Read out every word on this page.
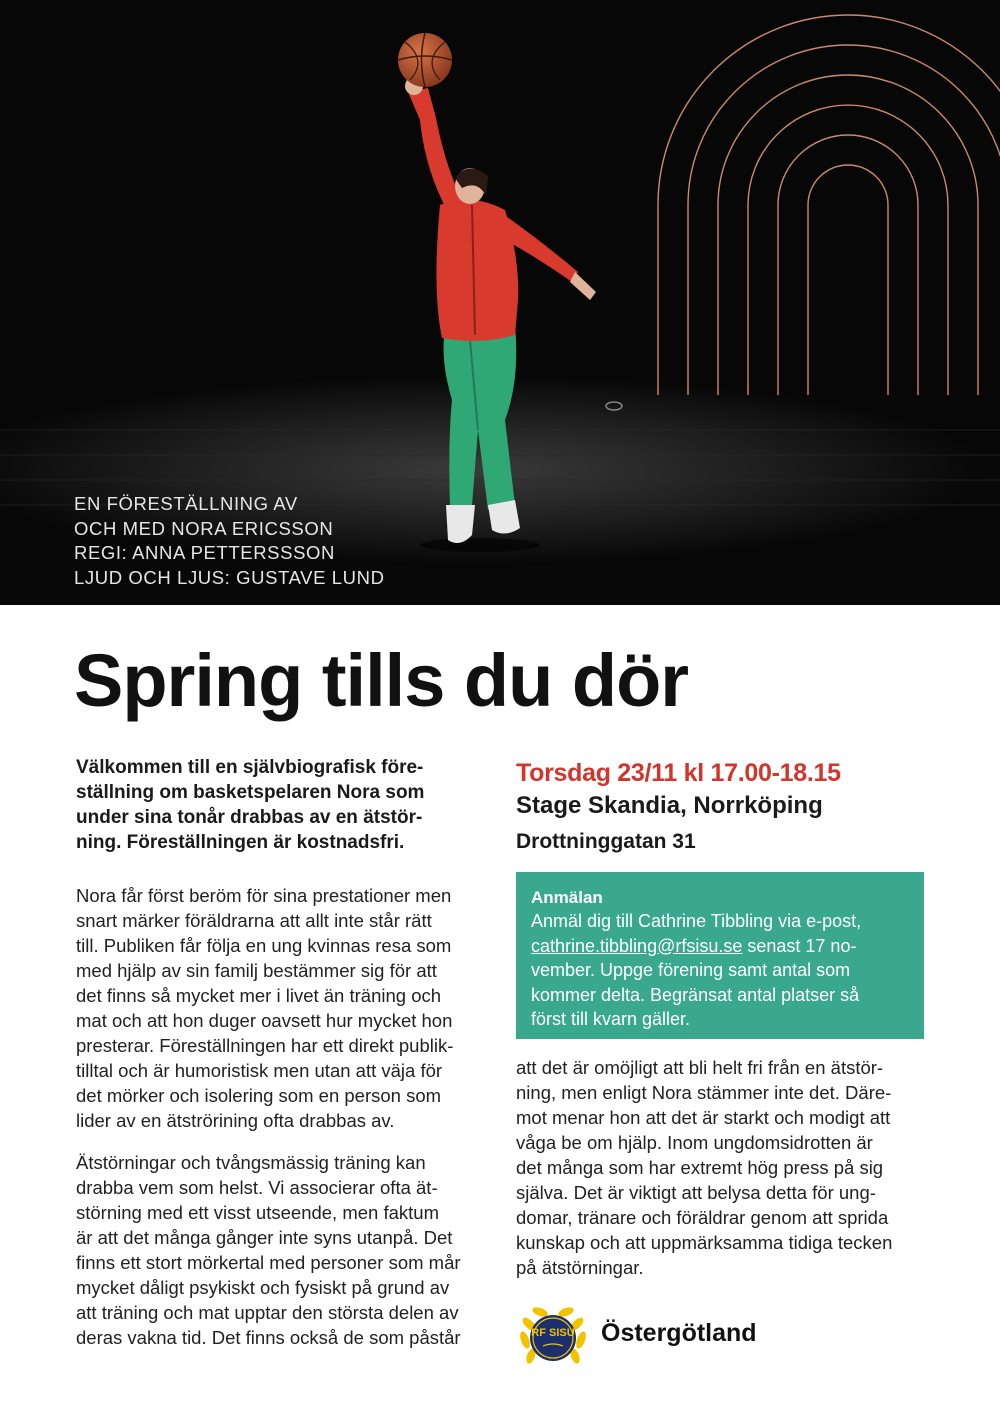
EN FÖRESTÄLLNING AV
OCH MED NORA ERICSSON
REGI: ANNA PETTERSSSON
LJUD OCH LJUS: GUSTAVE LUND
Spring tills du dör
Välkommen till en självbiografisk före-
ställning om basketspelaren Nora som
under sina tonår drabbas av en ätstör-
ning. Föreställningen är kostnadsfri.
Nora får först beröm för sina prestationer men
snart märker föräldrarna att allt inte står rätt
till. Publiken får följa en ung kvinnas resa som
med hjälp av sin familj bestämmer sig för att
det finns så mycket mer i livet än träning och
mat och att hon duger oavsett hur mycket hon
presterar. Föreställningen har ett direkt publik-
tilltal och är humoristisk men utan att väja för
det mörker och isolering som en person som
lider av en ätströrining ofta drabbas av.
Ätstörningar och tvångsmässig träning kan
drabba vem som helst. Vi associerar ofta ät-
störning med ett visst utseende, men faktum
är att det många gånger inte syns utanpå. Det
finns ett stort mörkertal med personer som mår
mycket dåligt psykiskt och fysiskt på grund av
att träning och mat upptar den största delen av
deras vakna tid. Det finns också de som påstår
Torsdag 23/11 kl 17.00-18.15
Stage Skandia, Norrköping
Drottninggatan 31
Anmälan
Anmäl dig till Cathrine Tibbling via e-post,
cathrine.tibbling@rfsisu.se senast 17 no-
vember. Uppge förening samt antal som
kommer delta. Begränsat antal platser så
först till kvarn gäller.
att det är omöjligt att bli helt fri från en ätstör-
ning, men enligt Nora stämmer inte det. Däre-
mot menar hon att det är starkt och modigt att
våga be om hjälp. Inom ungdomsidrotten är
det många som har extremt hög press på sig
själva. Det är viktigt att belysa detta för ung-
domar, tränare och föräldrar genom att sprida
kunskap och att uppmärksamma tidiga tecken
på ätstörningar.
RF SISU Östergötland
